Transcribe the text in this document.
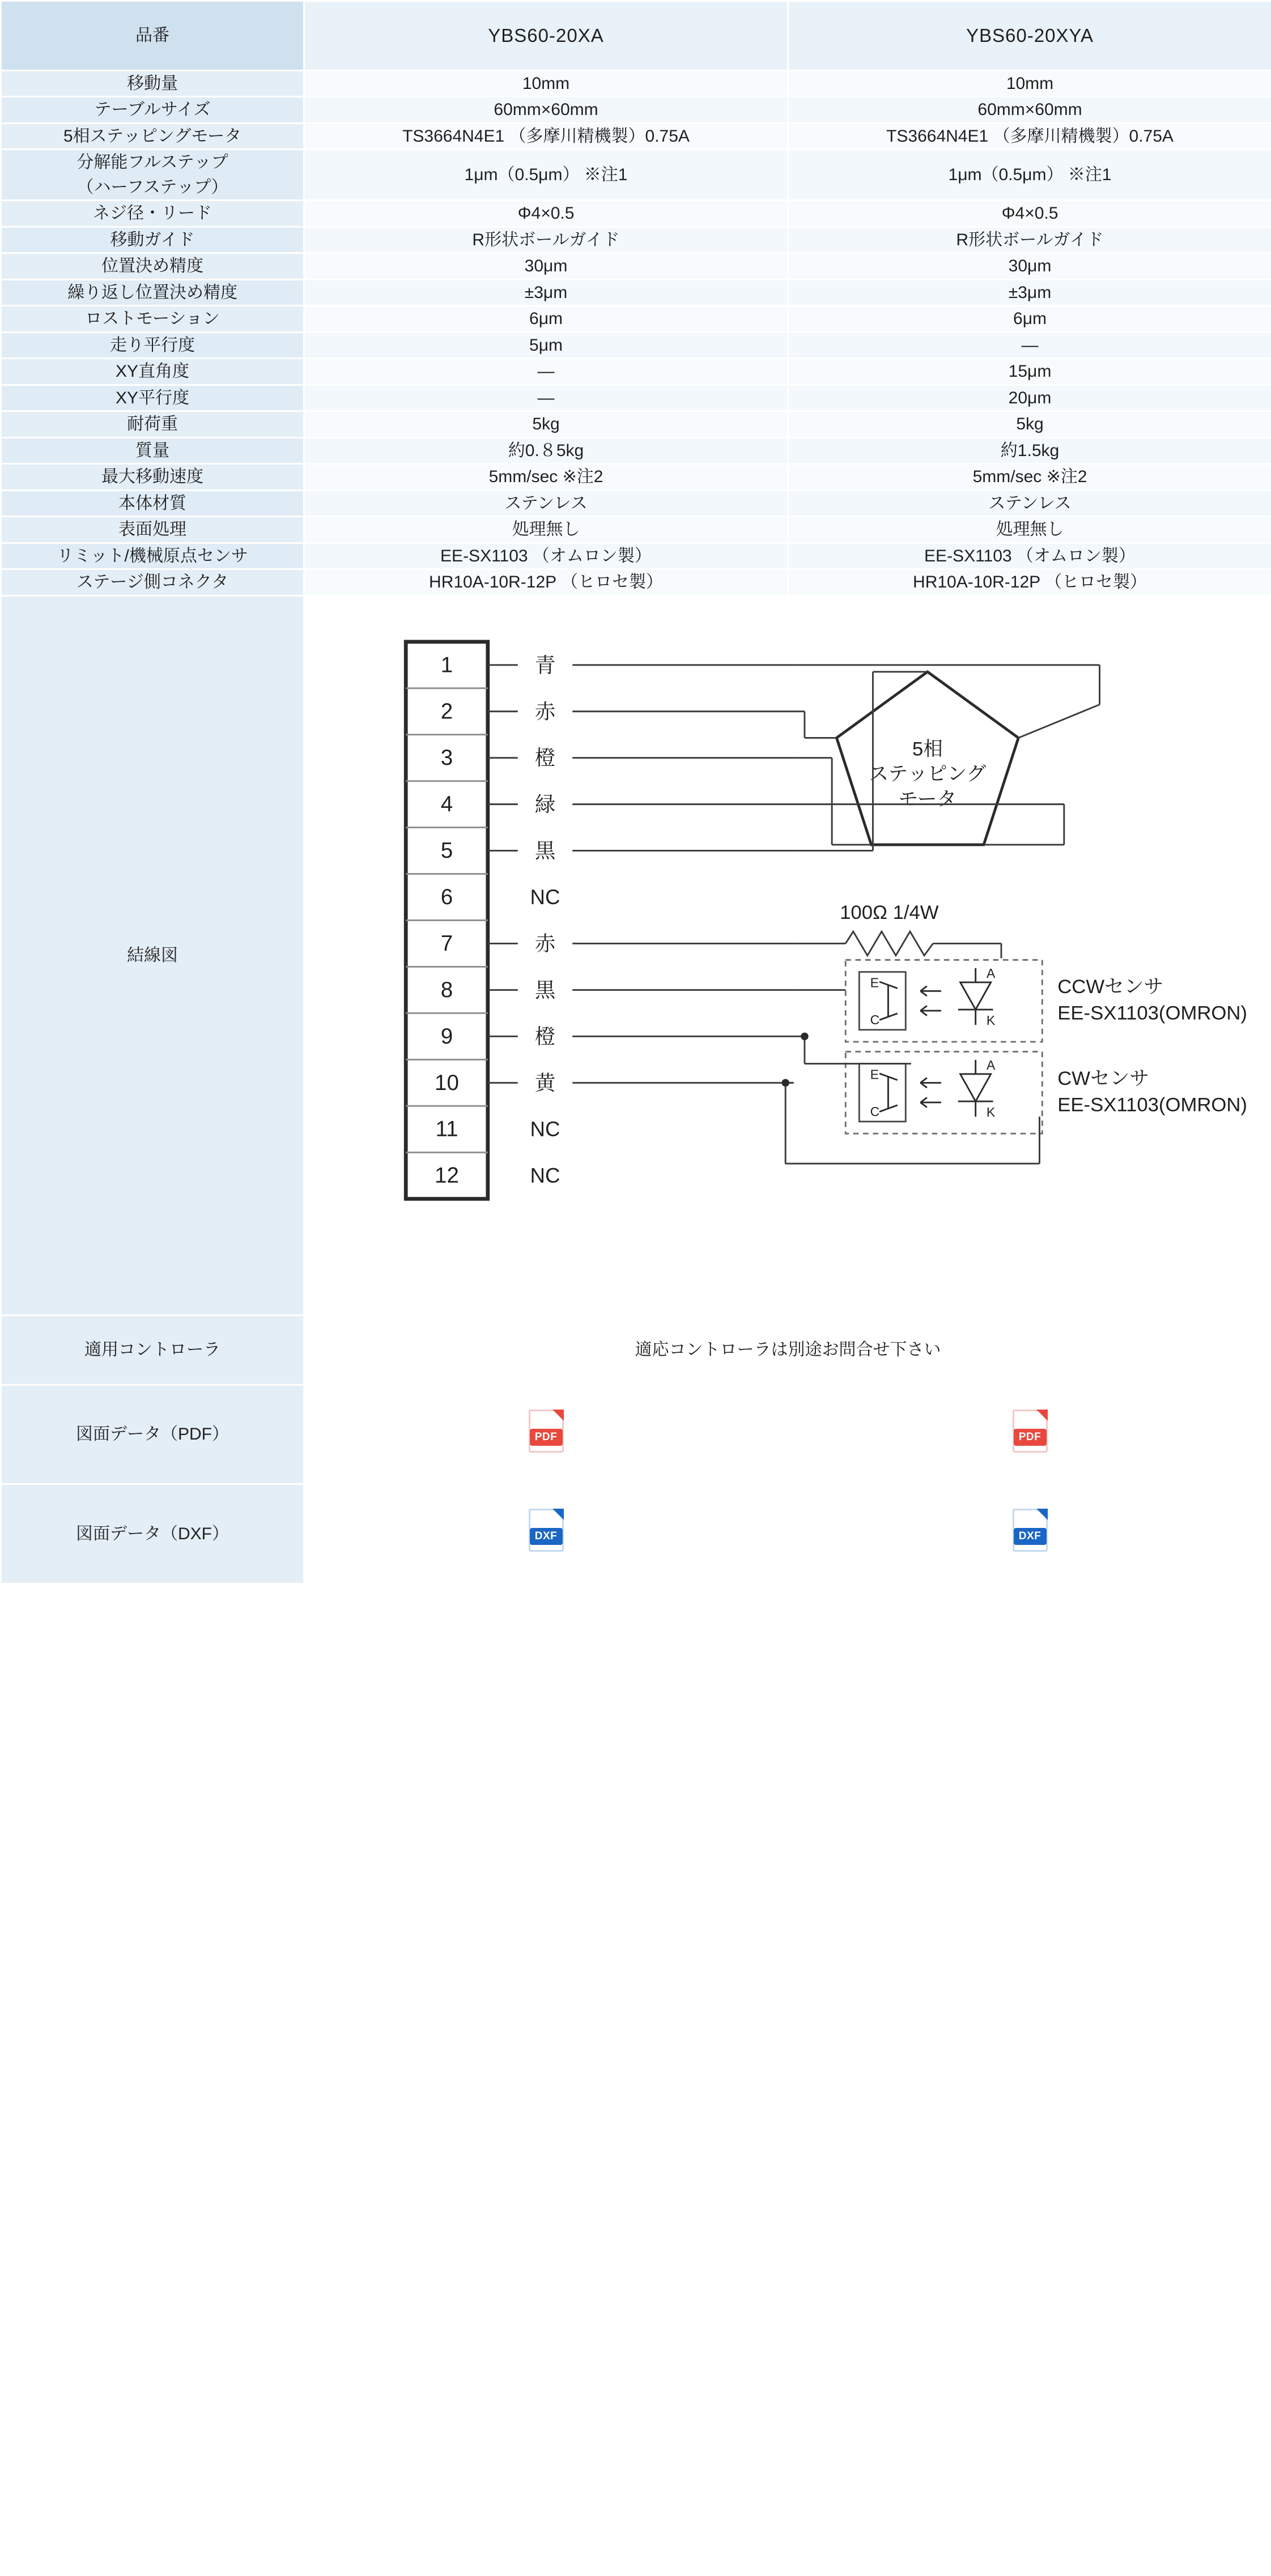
品番	YBS60-20XA	YBS60-20XYA
移動量	10mm	10mm
テーブルサイズ	60mm×60mm	60mm×60mm
5相ステッピングモータ	TS3664N4E1 （多摩川精機製）0.75A	TS3664N4E1 （多摩川精機製）0.75A
分解能フルステップ
（ハーフステップ）	1μm（0.5μm） ※注1	1μm（0.5μm） ※注1
ネジ径・リード	Φ4×0.5	Φ4×0.5
移動ガイド	R形状ボールガイド	R形状ボールガイド
位置決め精度	30μm	30μm
繰り返し位置決め精度	±3μm	±3μm
ロストモーション	6μm	6μm
走り平行度	5μm	—
XY直角度	—	15μm
XY平行度	—	20μm
耐荷重	5kg	5kg
質量	約0.８5kg	約1.5kg
最大移動速度	5mm/sec ※注2	5mm/sec ※注2
本体材質	ステンレス	ステンレス
表面処理	処理無し	処理無し
リミット/機械原点センサ	EE-SX1103 （オムロン製）	EE-SX1103 （オムロン製）
ステージ側コネクタ	HR10A-10R-12P （ヒロセ製）	HR10A-10R-12P （ヒロセ製）
結線図	
1	青
2	赤
3	橙
4	緑
5	黒
6	NC
7	赤
8	黒
9	橙
10	黄
11	NC
12	NC
5相
ステッピング
モータ
100Ω 1/4W
E
C
A
K
CCWセンサ
EE-SX1103(OMRON)
E
C
A
K
CWセンサ
EE-SX1103(OMRON)

適用コントローラ	適応コントローラは別途お問合せ下さい	
図面データ（PDF）	PDF	PDF

図面データ（DXF）	DXF	DXF
